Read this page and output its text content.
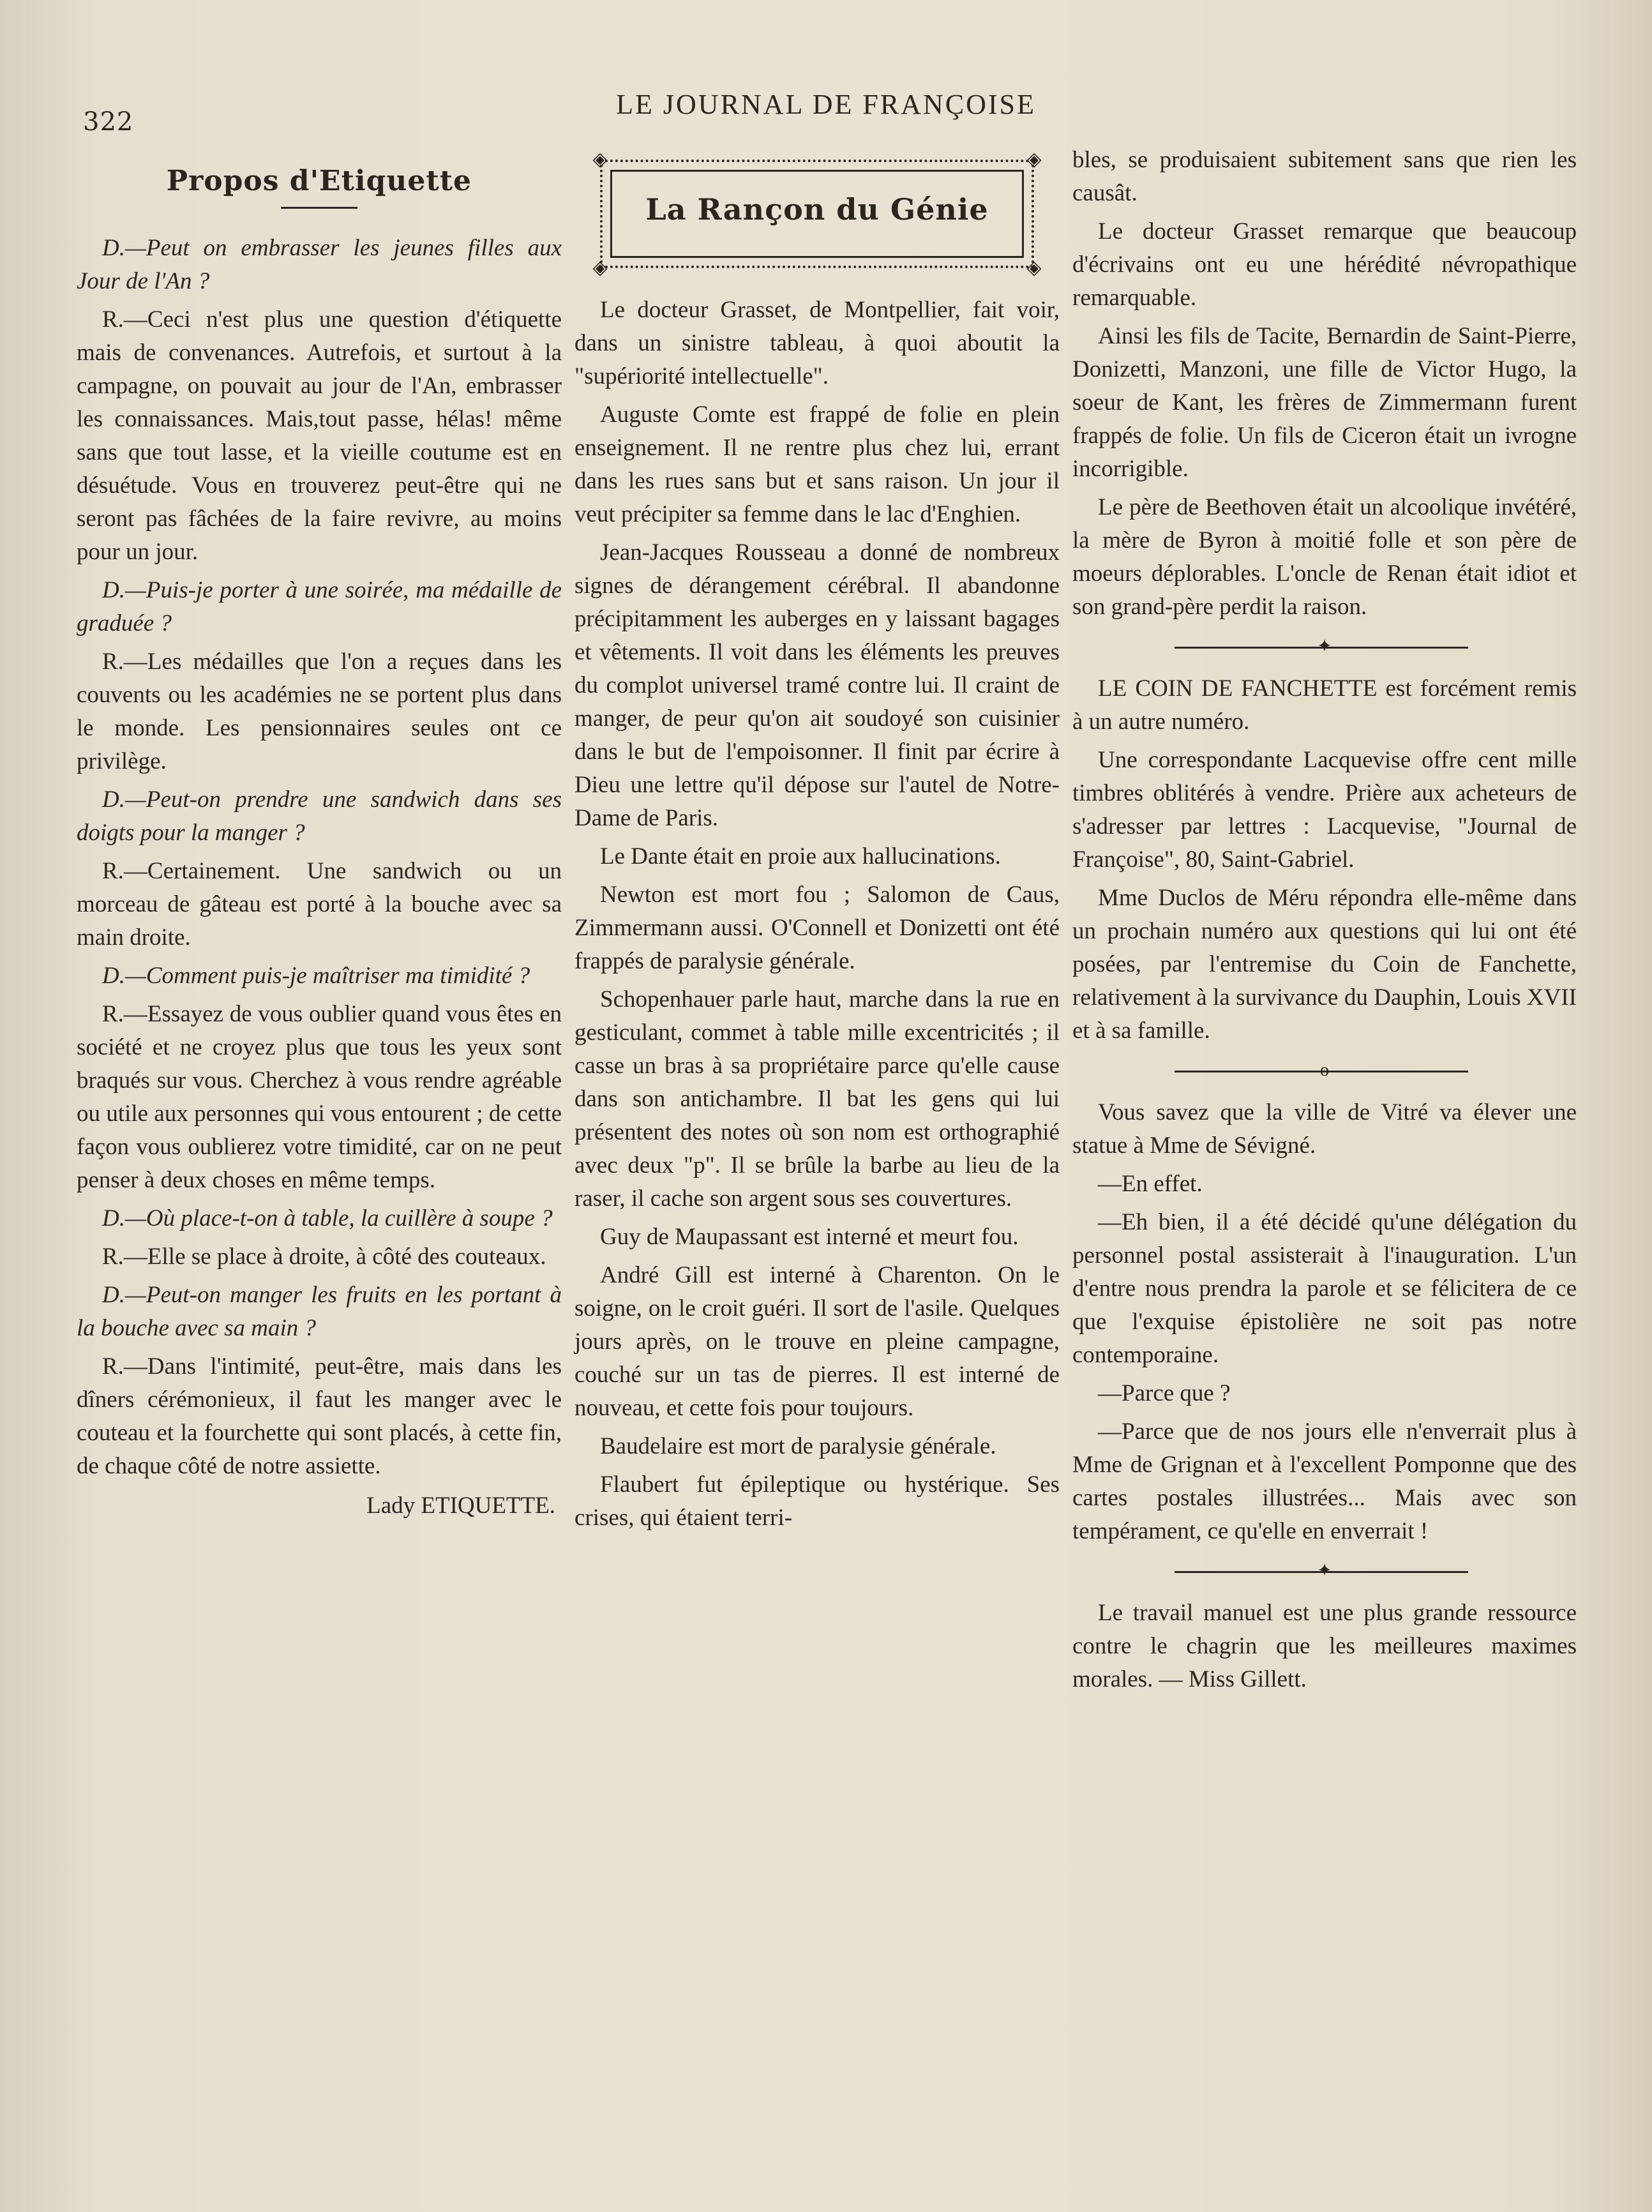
322
LE JOURNAL DE FRANÇOISE
Propos d'Etiquette

D.—Peut on embrasser les jeunes filles aux Jour de l'An ?

R.—Ceci n'est plus une question d'étiquette mais de convenances. Autrefois, et surtout à la campagne, on pouvait au jour de l'An, embrasser les connaissances. Mais,tout passe, hélas! même sans que tout lasse, et la vieille coutume est en désuétude. Vous en trouverez peut-être qui ne seront pas fâchées de la faire revivre, au moins pour un jour.

D.—Puis-je porter à une soirée, ma médaille de graduée ?

R.—Les médailles que l'on a reçues dans les couvents ou les académies ne se portent plus dans le monde. Les pensionnaires seules ont ce privilège.

D.—Peut-on prendre une sandwich dans ses doigts pour la manger ?

R.—Certainement. Une sandwich ou un morceau de gâteau est porté à la bouche avec sa main droite.

D.—Comment puis-je maîtriser ma timidité ?

R.—Essayez de vous oublier quand vous êtes en société et ne croyez plus que tous les yeux sont braqués sur vous. Cherchez à vous rendre agréable ou utile aux personnes qui vous entourent ; de cette façon vous oublierez votre timidité, car on ne peut penser à deux choses en même temps.

D.—Où place-t-on à table, la cuillère à soupe ?

R.—Elle se place à droite, à côté des couteaux.

D.—Peut-on manger les fruits en les portant à la bouche avec sa main ?

R.—Dans l'intimité, peut-être, mais dans les dîners cérémonieux, il faut les manger avec le couteau et la fourchette qui sont placés, à cette fin, de chaque côté de notre assiette.

Lady ETIQUETTE.

◈	◈
◈	◈
La Rançon du Génie

Le docteur Grasset, de Montpellier, fait voir, dans un sinistre tableau, à quoi aboutit la "supériorité intellectuelle".

Auguste Comte est frappé de folie en plein enseignement. Il ne rentre plus chez lui, errant dans les rues sans but et sans raison. Un jour il veut précipiter sa femme dans le lac d'Enghien.

Jean-Jacques Rousseau a donné de nombreux signes de dérangement cérébral. Il abandonne précipitamment les auberges en y laissant bagages et vêtements. Il voit dans les éléments les preuves du complot universel tramé contre lui. Il craint de manger, de peur qu'on ait soudoyé son cuisinier dans le but de l'empoisonner. Il finit par écrire à Dieu une lettre qu'il dépose sur l'autel de Notre-Dame de Paris.

Le Dante était en proie aux hallucinations.

Newton est mort fou ; Salomon de Caus, Zimmermann aussi. O'Connell et Donizetti ont été frappés de paralysie générale.

Schopenhauer parle haut, marche dans la rue en gesticulant, commet à table mille excentricités ; il casse un bras à sa propriétaire parce qu'elle cause dans son antichambre. Il bat les gens qui lui présentent des notes où son nom est orthographié avec deux "p". Il se brûle la barbe au lieu de la raser, il cache son argent sous ses couvertures.

Guy de Maupassant est interné et meurt fou.

André Gill est interné à Charenton. On le soigne, on le croit guéri. Il sort de l'asile. Quelques jours après, on le trouve en pleine campagne, couché sur un tas de pierres. Il est interné de nouveau, et cette fois pour toujours.

Baudelaire est mort de paralysie générale.

Flaubert fut épileptique ou hystérique. Ses crises, qui étaient terri-

bles, se produisaient subitement sans que rien les causât.

Le docteur Grasset remarque que beaucoup d'écrivains ont eu une hérédité névropathique remarquable.

Ainsi les fils de Tacite, Bernardin de Saint-Pierre, Donizetti, Manzoni, une fille de Victor Hugo, la soeur de Kant, les frères de Zimmermann furent frappés de folie. Un fils de Ciceron était un ivrogne incorrigible.

Le père de Beethoven était un alcoolique invétéré, la mère de Byron à moitié folle et son père de moeurs déplorables. L'oncle de Renan était idiot et son grand-père perdit la raison.

✦

LE COIN DE FANCHETTE est forcément remis à un autre numéro.

Une correspondante Lacquevise offre cent mille timbres oblitérés à vendre. Prière aux acheteurs de s'adresser par lettres : Lacquevise, "Journal de Françoise", 80, Saint-Gabriel.

Mme Duclos de Méru répondra elle-même dans un prochain numéro aux questions qui lui ont été posées, par l'entremise du Coin de Fanchette, relativement à la survivance du Dauphin, Louis XVII et à sa famille.

o

Vous savez que la ville de Vitré va élever une statue à Mme de Sévigné.

—En effet.

—Eh bien, il a été décidé qu'une délégation du personnel postal assisterait à l'inauguration. L'un d'entre nous prendra la parole et se félicitera de ce que l'exquise épistolière ne soit pas notre contemporaine.

—Parce que ?

—Parce que de nos jours elle n'enverrait plus à Mme de Grignan et à l'excellent Pomponne que des cartes postales illustrées... Mais avec son tempérament, ce qu'elle en enverrait !

✦

Le travail manuel est une plus grande ressource contre le chagrin que les meilleures maximes morales. — Miss Gillett.
